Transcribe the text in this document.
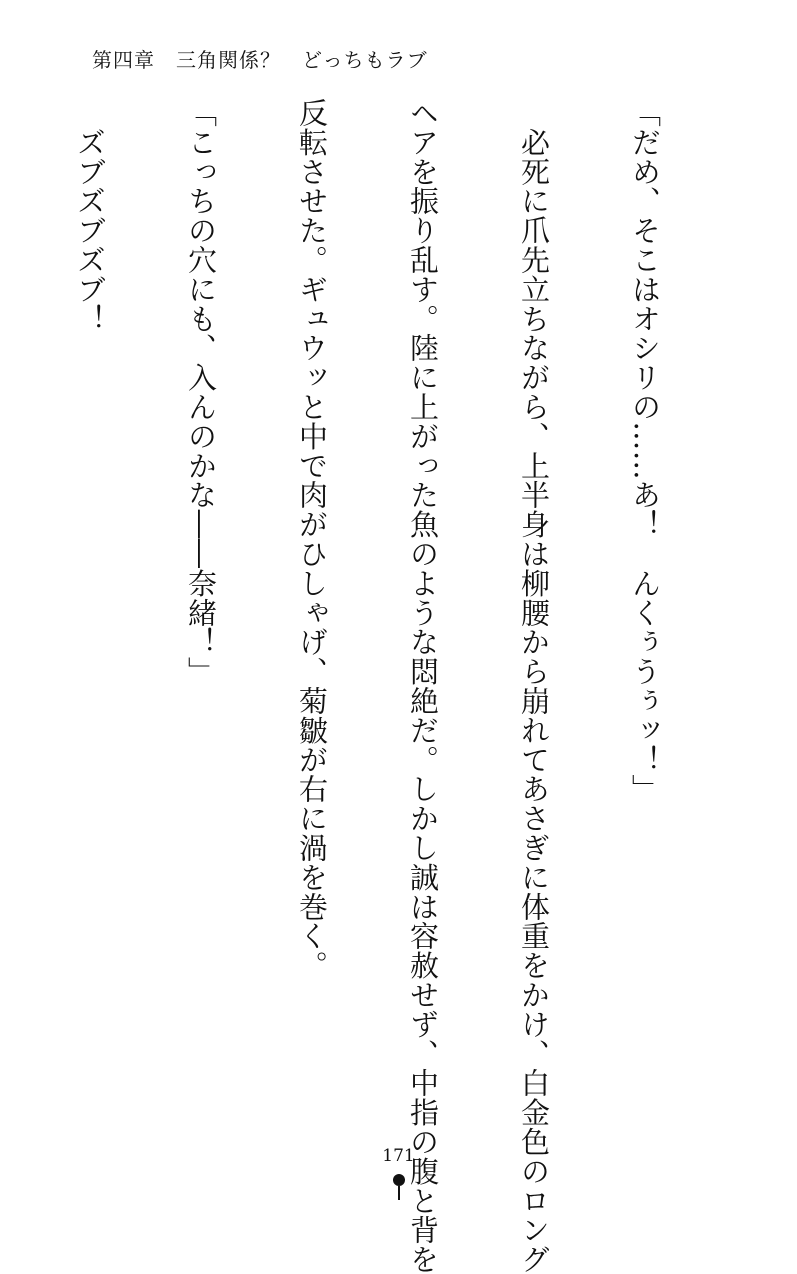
第四章　 三角関係？　 どっちもラブ

「だめ、そこはオシリの……あ！　んくぅうぅッ！」

　必死に爪先立ちながら、上半身は柳腰から崩れてあさぎに体重をかけ、白金色のロング

ヘアを振り乱す。陸に上がった魚のような悶絶だ。しかし誠は容赦せず、中指の腹と背を

反転させた。ギュウッと中で肉がひしゃげ、菊皺が右に渦を巻く。

「こっちの穴にも、入んのかな――奈緒！」

　ズブズブズブ！

171
